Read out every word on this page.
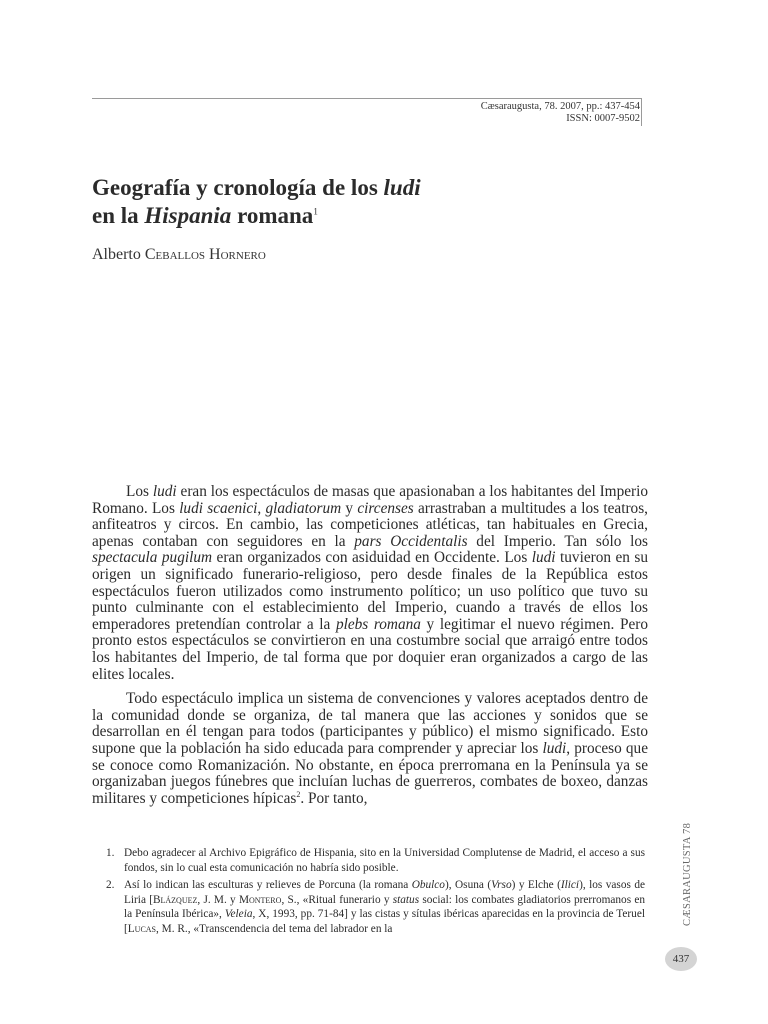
Cæsaraugusta, 78. 2007, pp.: 437-454
ISSN: 0007-9502
Geografía y cronología de los ludi
en la Hispania romana$^1$
Alberto Ceballos Hornero

Los ludi eran los espectáculos de masas que apasionaban a los habitantes del Imperio Romano. Los ludi scaenici, gladiatorum y circenses arrastraban a multitudes a los teatros, anfiteatros y circos. En cambio, las competiciones atléticas, tan habituales en Grecia, apenas contaban con seguidores en la pars Occidentalis del Imperio. Tan sólo los spectacula pugilum eran organizados con asiduidad en Occidente. Los ludi tuvieron en su origen un significado funerario-religioso, pero desde finales de la República estos espectáculos fueron utilizados como instrumento político; un uso político que tuvo su punto culminante con el establecimiento del Imperio, cuando a través de ellos los emperadores pretendían controlar a la plebs romana y legitimar el nuevo régimen. Pero pronto estos espectáculos se convirtieron en una costumbre social que arraigó entre todos los habitantes del Imperio, de tal forma que por doquier eran organizados a cargo de las elites locales.

Todo espectáculo implica un sistema de convenciones y valores aceptados dentro de la comunidad donde se organiza, de tal manera que las acciones y sonidos que se desarrollan en él tengan para todos (participantes y público) el mismo significado. Esto supone que la población ha sido educada para comprender y apreciar los ludi, proceso que se conoce como Romanización. No obstante, en época prerromana en la Península ya se organizaban juegos fúnebres que incluían luchas de guerreros, combates de boxeo, danzas militares y competiciones hípicas$^2$. Por tanto,

1. Debo agradecer al Archivo Epigráfico de Hispania, sito en la Universidad Complutense de Madrid, el acceso a sus fondos, sin lo cual esta comunicación no habría sido posible.
2. Así lo indican las esculturas y relieves de Porcuna (la romana Obulco), Osuna (Vrso) y Elche (Ilici), los vasos de Liria [Blázquez, J. M. y Montero, S., «Ritual funerario y status social: los combates gladiatorios prerromanos en la Península Ibérica», Veleia, X, 1993, pp. 71-84] y las cistas y sítulas ibéricas aparecidas en la provincia de Teruel [Lucas, M. R., «Transcendencia del tema del labrador en la
CÆSARAUGUSTA 78
437
